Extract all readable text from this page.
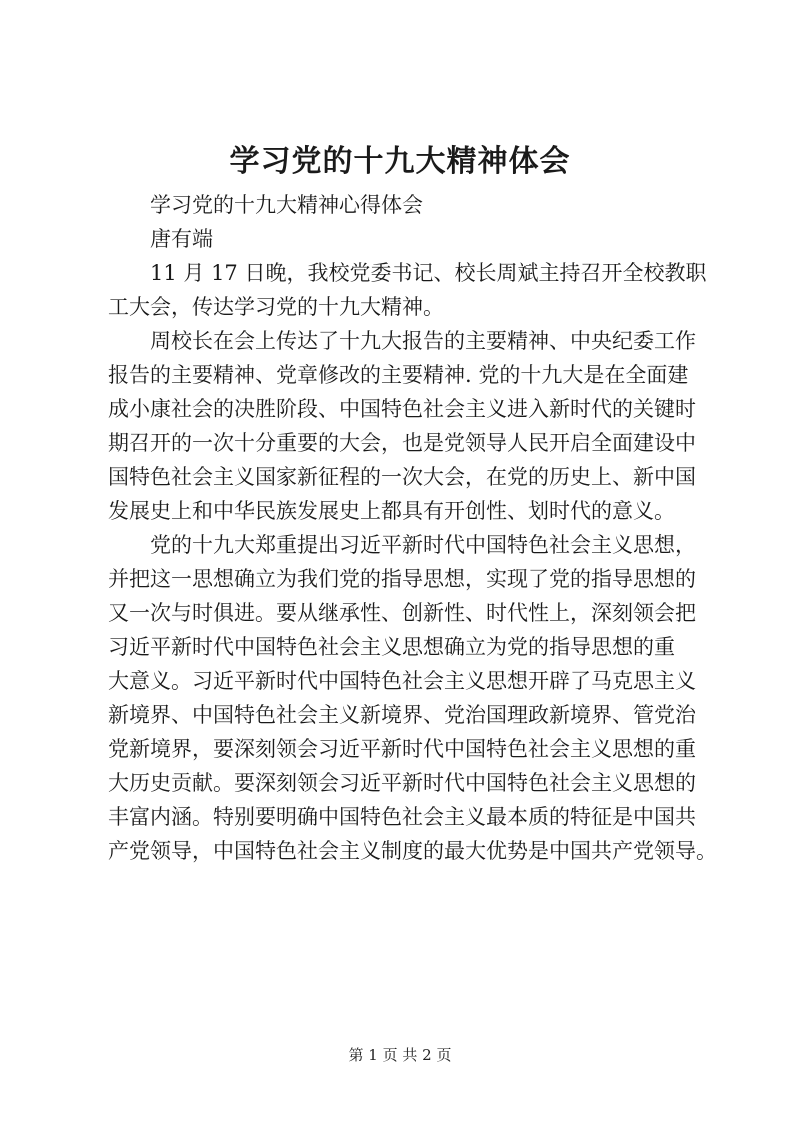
学习党的十九大精神体会
学习党的十九大精神心得体会
唐有端
11 月 17 日晚，我校党委书记、校长周斌主持召开全校教职
工大会，传达学习党的十九大精神。
周校长在会上传达了十九大报告的主要精神、中央纪委工作
报告的主要精神、党章修改的主要精神. 党的十九大是在全面建
成小康社会的决胜阶段、中国特色社会主义进入新时代的关键时
期召开的一次十分重要的大会，也是党领导人民开启全面建设中
国特色社会主义国家新征程的一次大会，在党的历史上、新中国
发展史上和中华民族发展史上都具有开创性、划时代的意义。
党的十九大郑重提出习近平新时代中国特色社会主义思想，
并把这一思想确立为我们党的指导思想，实现了党的指导思想的
又一次与时俱进。要从继承性、创新性、时代性上，深刻领会把
习近平新时代中国特色社会主义思想确立为党的指导思想的重
大意义。习近平新时代中国特色社会主义思想开辟了马克思主义
新境界、中国特色社会主义新境界、党治国理政新境界、管党治
党新境界，要深刻领会习近平新时代中国特色社会主义思想的重
大历史贡献。要深刻领会习近平新时代中国特色社会主义思想的
丰富内涵。特别要明确中国特色社会主义最本质的特征是中国共
产党领导，中国特色社会主义制度的最大优势是中国共产党领导。
第 1 页 共 2 页
